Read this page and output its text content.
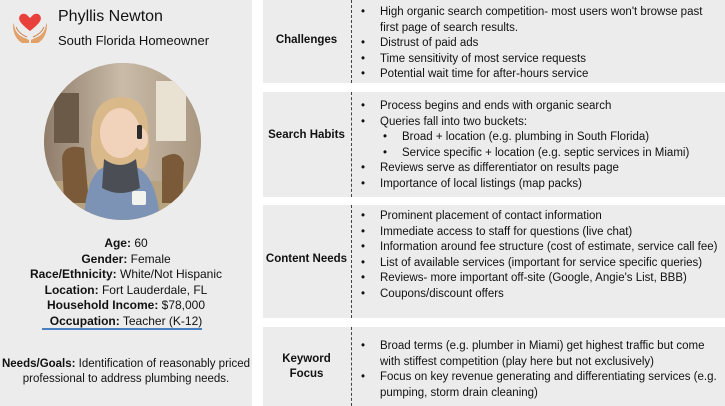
Phyllis Newton
South Florida Homeowner
Age: 60
Gender: Female
Race/Ethnicity: White/Not Hispanic
Location: Fort Lauderdale, FL
Household Income: $78,000
Occupation: Teacher (K-12)
Needs/Goals: Identification of reasonably priced professional to address plumbing needs.
Challenges
• High organic search competition- most users won't browse past first page of search results.
• Distrust of paid ads
• Time sensitivity of most service requests
• Potential wait time for after-hours service
Search Habits
• Process begins and ends with organic search
• Queries fall into two buckets:
• Broad + location (e.g. plumbing in South Florida)
• Service specific + location (e.g. septic services in Miami)
• Reviews serve as differentiator on results page
• Importance of local listings (map packs)
Content Needs
• Prominent placement of contact information
• Immediate access to staff for questions (live chat)
• Information around fee structure (cost of estimate, service call fee)
• List of available services (important for service specific queries)
• Reviews- more important off-site (Google, Angie's List, BBB)
• Coupons/discount offers
Keyword
Focus
• Broad terms (e.g. plumber in Miami) get highest traffic but come with stiffest competition (play here but not exclusively)
• Focus on key revenue generating and differentiating services (e.g. pumping, storm drain cleaning)
